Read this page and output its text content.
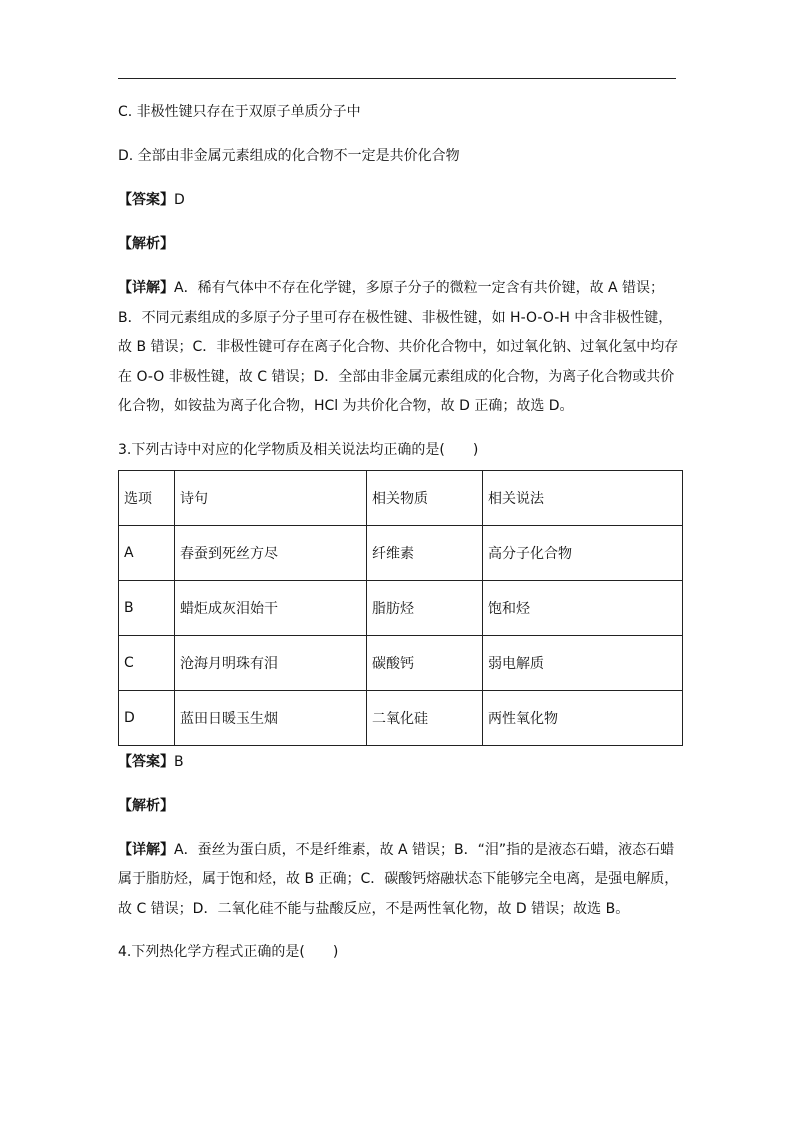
C. 非极性键只存在于双原子单质分子中

D. 全部由非金属元素组成的化合物不一定是共价化合物

【答案】D

【解析】

【详解】A．稀有气体中不存在化学键，多原子分子的微粒一定含有共价键，故 A 错误；

B．不同元素组成的多原子分子里可存在极性键、非极性键，如 H-O-O-H 中含非极性键，

故 B 错误；C．非极性键可存在离子化合物、共价化合物中，如过氧化钠、过氧化氢中均存

在 O-O 非极性键，故 C 错误；D．全部由非金属元素组成的化合物，为离子化合物或共价

化合物，如铵盐为离子化合物，HCl 为共价化合物，故 D 正确；故选 D。

3.下列古诗中对应的化学物质及相关说法均正确的是(　　)

选项	诗句	相关物质	相关说法
A	春蚕到死丝方尽	纤维素	高分子化合物
B	蜡炬成灰泪始干	脂肪烃	饱和烃
C	沧海月明珠有泪	碳酸钙	弱电解质
D	蓝田日暖玉生烟	二氧化硅	两性氧化物

【答案】B

【解析】

【详解】A．蚕丝为蛋白质，不是纤维素，故 A 错误；B．“泪”指的是液态石蜡，液态石蜡

属于脂肪烃，属于饱和烃，故 B 正确；C．碳酸钙熔融状态下能够完全电离，是强电解质，

故 C 错误；D．二氧化硅不能与盐酸反应，不是两性氧化物，故 D 错误；故选 B。

4.下列热化学方程式正确的是(　　)
